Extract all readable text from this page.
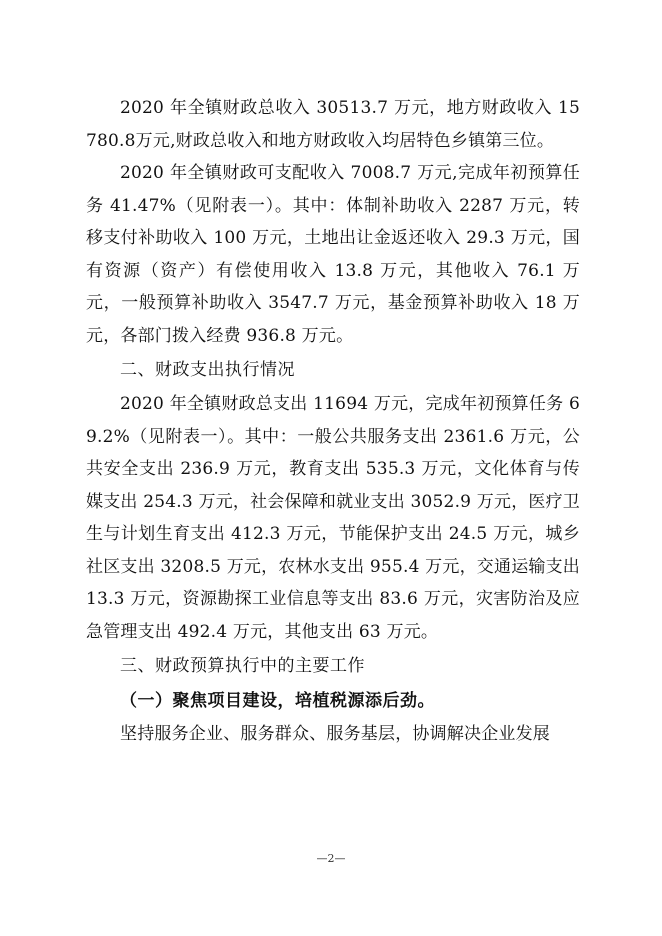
2020 年全镇财政总收入 30513.7 万元，地方财政收入 15780.8万元,财政总收入和地方财政收入均居特色乡镇第三位。

2020 年全镇财政可支配收入 7008.7 万元,完成年初预算任务 41.47%（见附表一）。其中：体制补助收入 2287 万元，转移支付补助收入 100 万元，土地出让金返还收入 29.3 万元，国有资源（资产）有偿使用收入 13.8 万元，其他收入 76.1 万元，一般预算补助收入 3547.7 万元，基金预算补助收入 18 万元，各部门拨入经费 936.8 万元。

二、财政支出执行情况

2020 年全镇财政总支出 11694 万元，完成年初预算任务 69.2%（见附表一）。其中：一般公共服务支出 2361.6 万元，公共安全支出 236.9 万元，教育支出 535.3 万元，文化体育与传媒支出 254.3 万元，社会保障和就业支出 3052.9 万元，医疗卫生与计划生育支出 412.3 万元，节能保护支出 24.5 万元，城乡社区支出 3208.5 万元，农林水支出 955.4 万元，交通运输支出 13.3 万元，资源勘探工业信息等支出 83.6 万元，灾害防治及应急管理支出 492.4 万元，其他支出 63 万元。

三、财政预算执行中的主要工作
（一）聚焦项目建设，培植税源添后劲。

坚持服务企业、服务群众、服务基层，协调解决企业发展

—2—
